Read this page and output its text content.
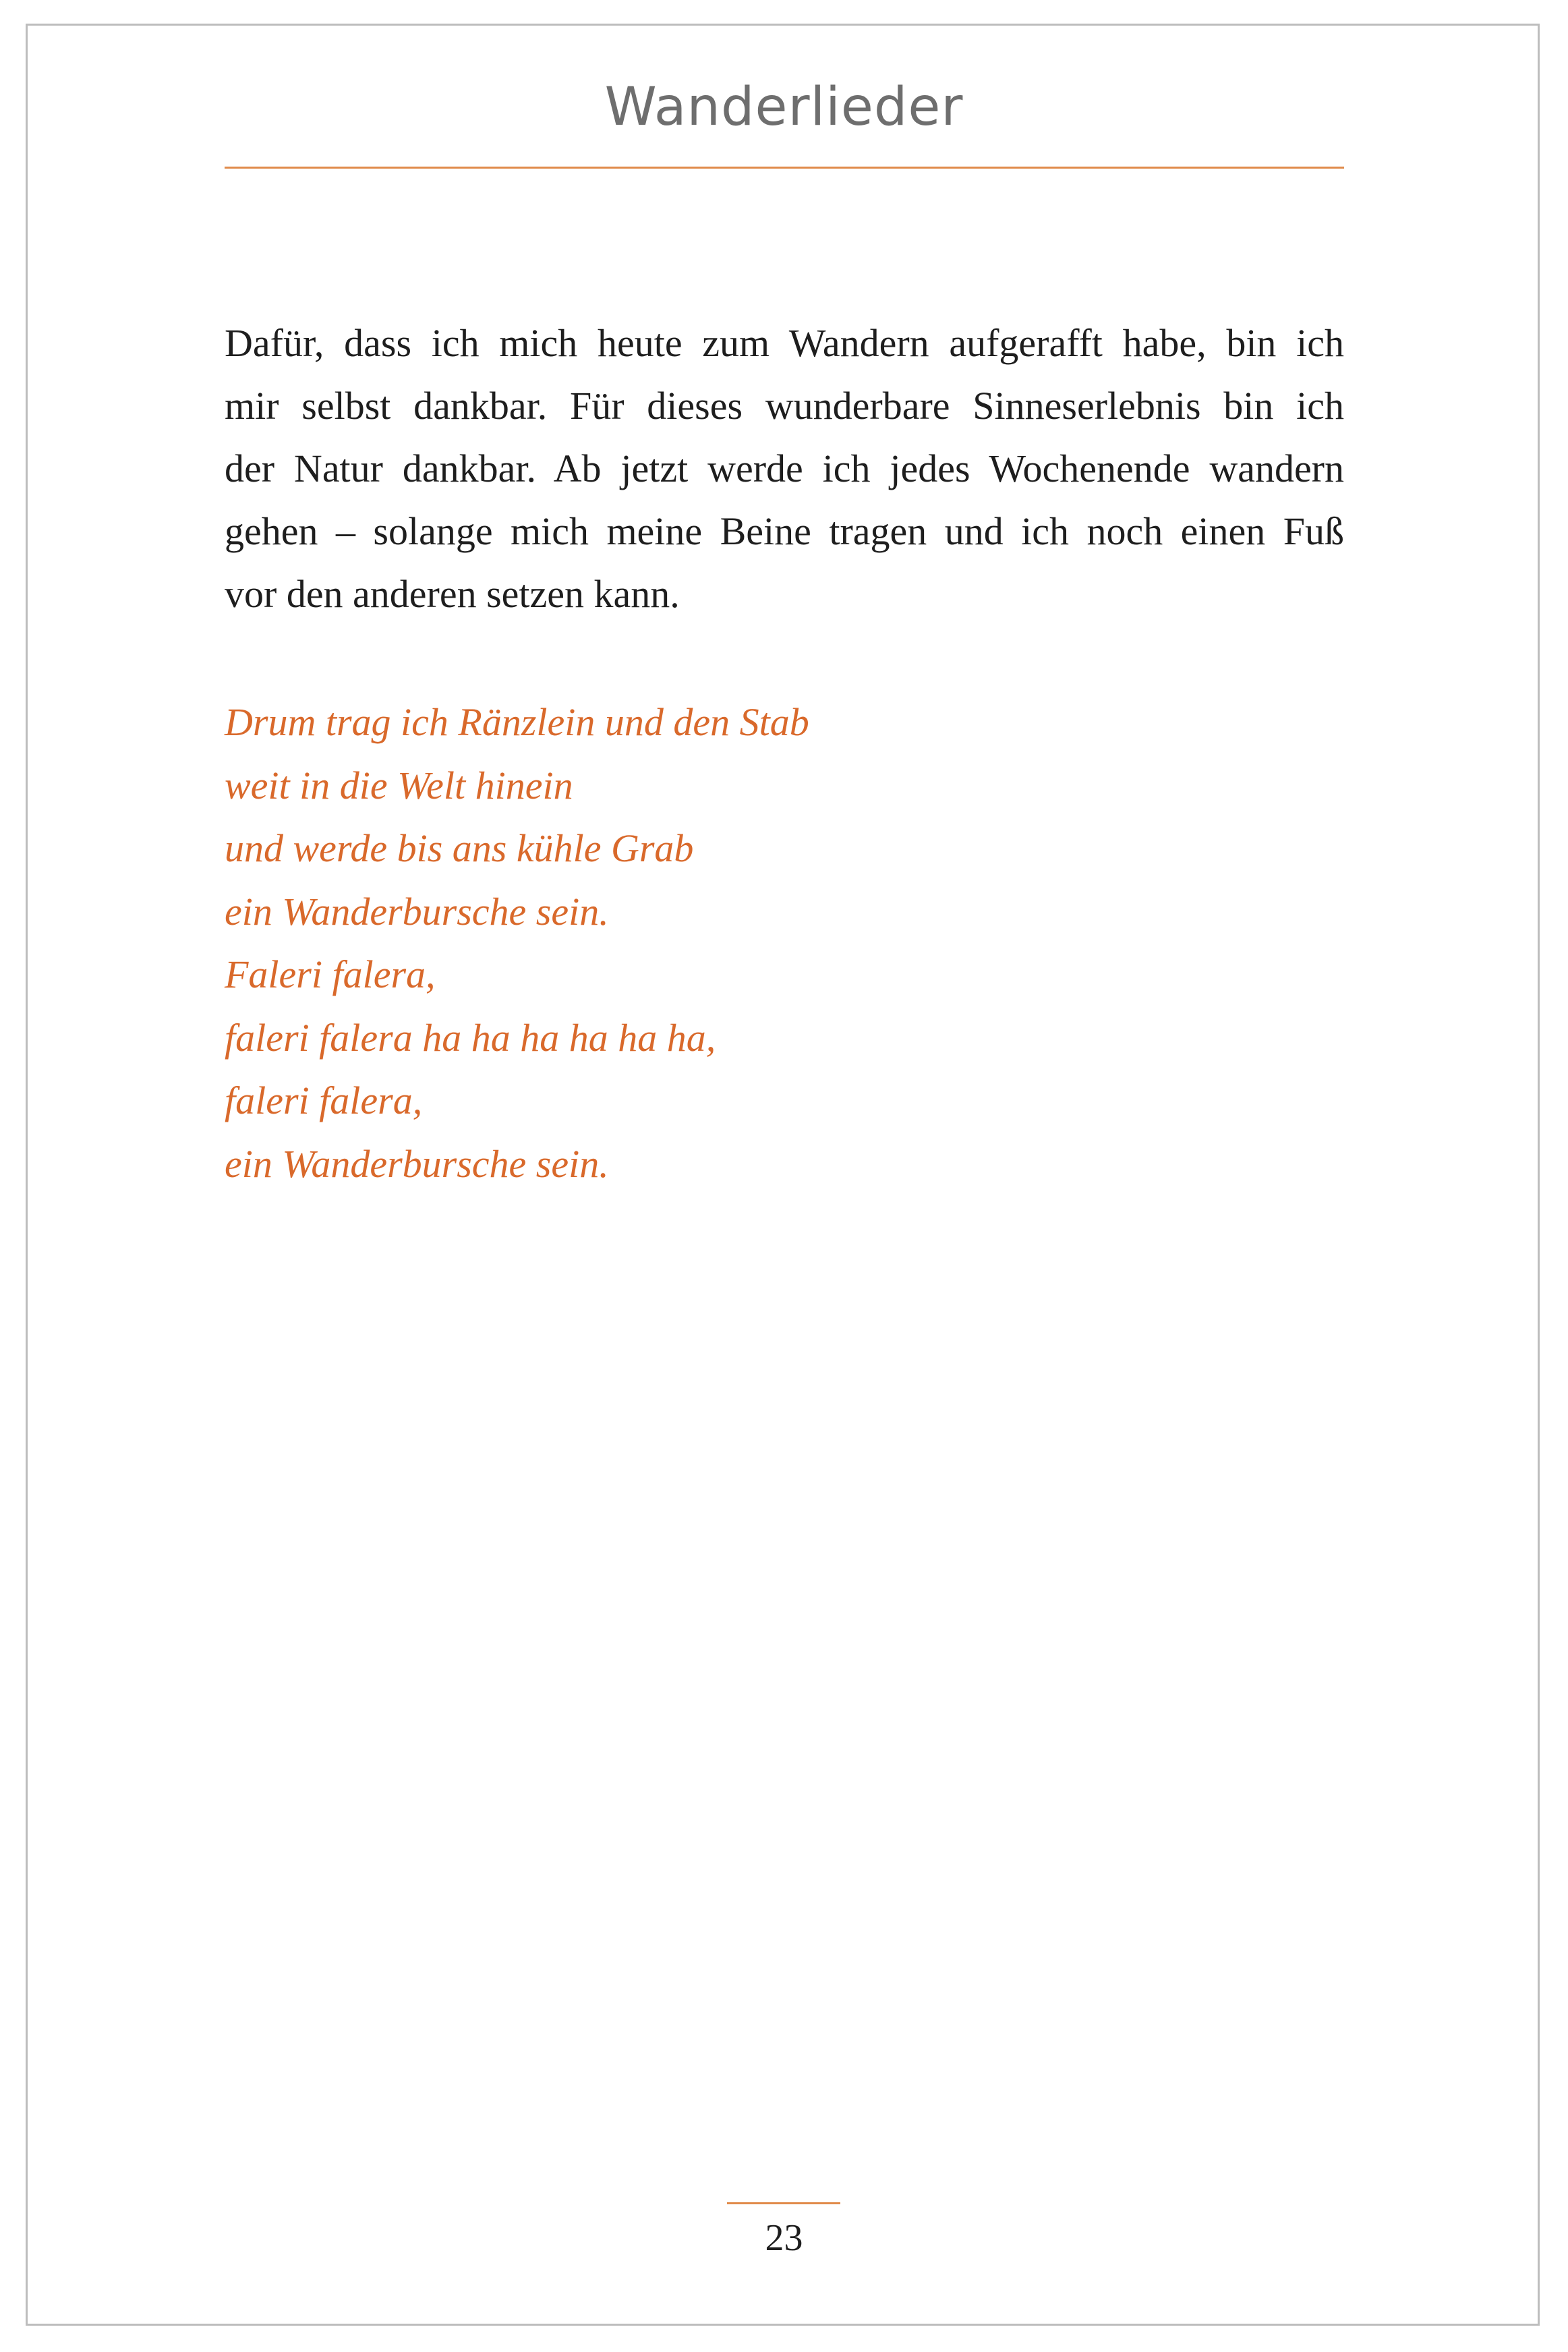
Wanderlieder
Dafür, dass ich mich heute zum Wandern aufgerafft habe, bin ich
mir selbst dankbar. Für dieses wunderbare Sinneserlebnis bin ich
der Natur dankbar. Ab jetzt werde ich jedes Wochenende wandern
gehen – solange mich meine Beine tragen und ich noch einen Fuß
vor den anderen setzen kann.
Drum trag ich Ränzlein und den Stab
weit in die Welt hinein
und werde bis ans kühle Grab
ein Wanderbursche sein.
Faleri falera,
faleri falera ha ha ha ha ha ha,
faleri falera,
ein Wanderbursche sein.
23
